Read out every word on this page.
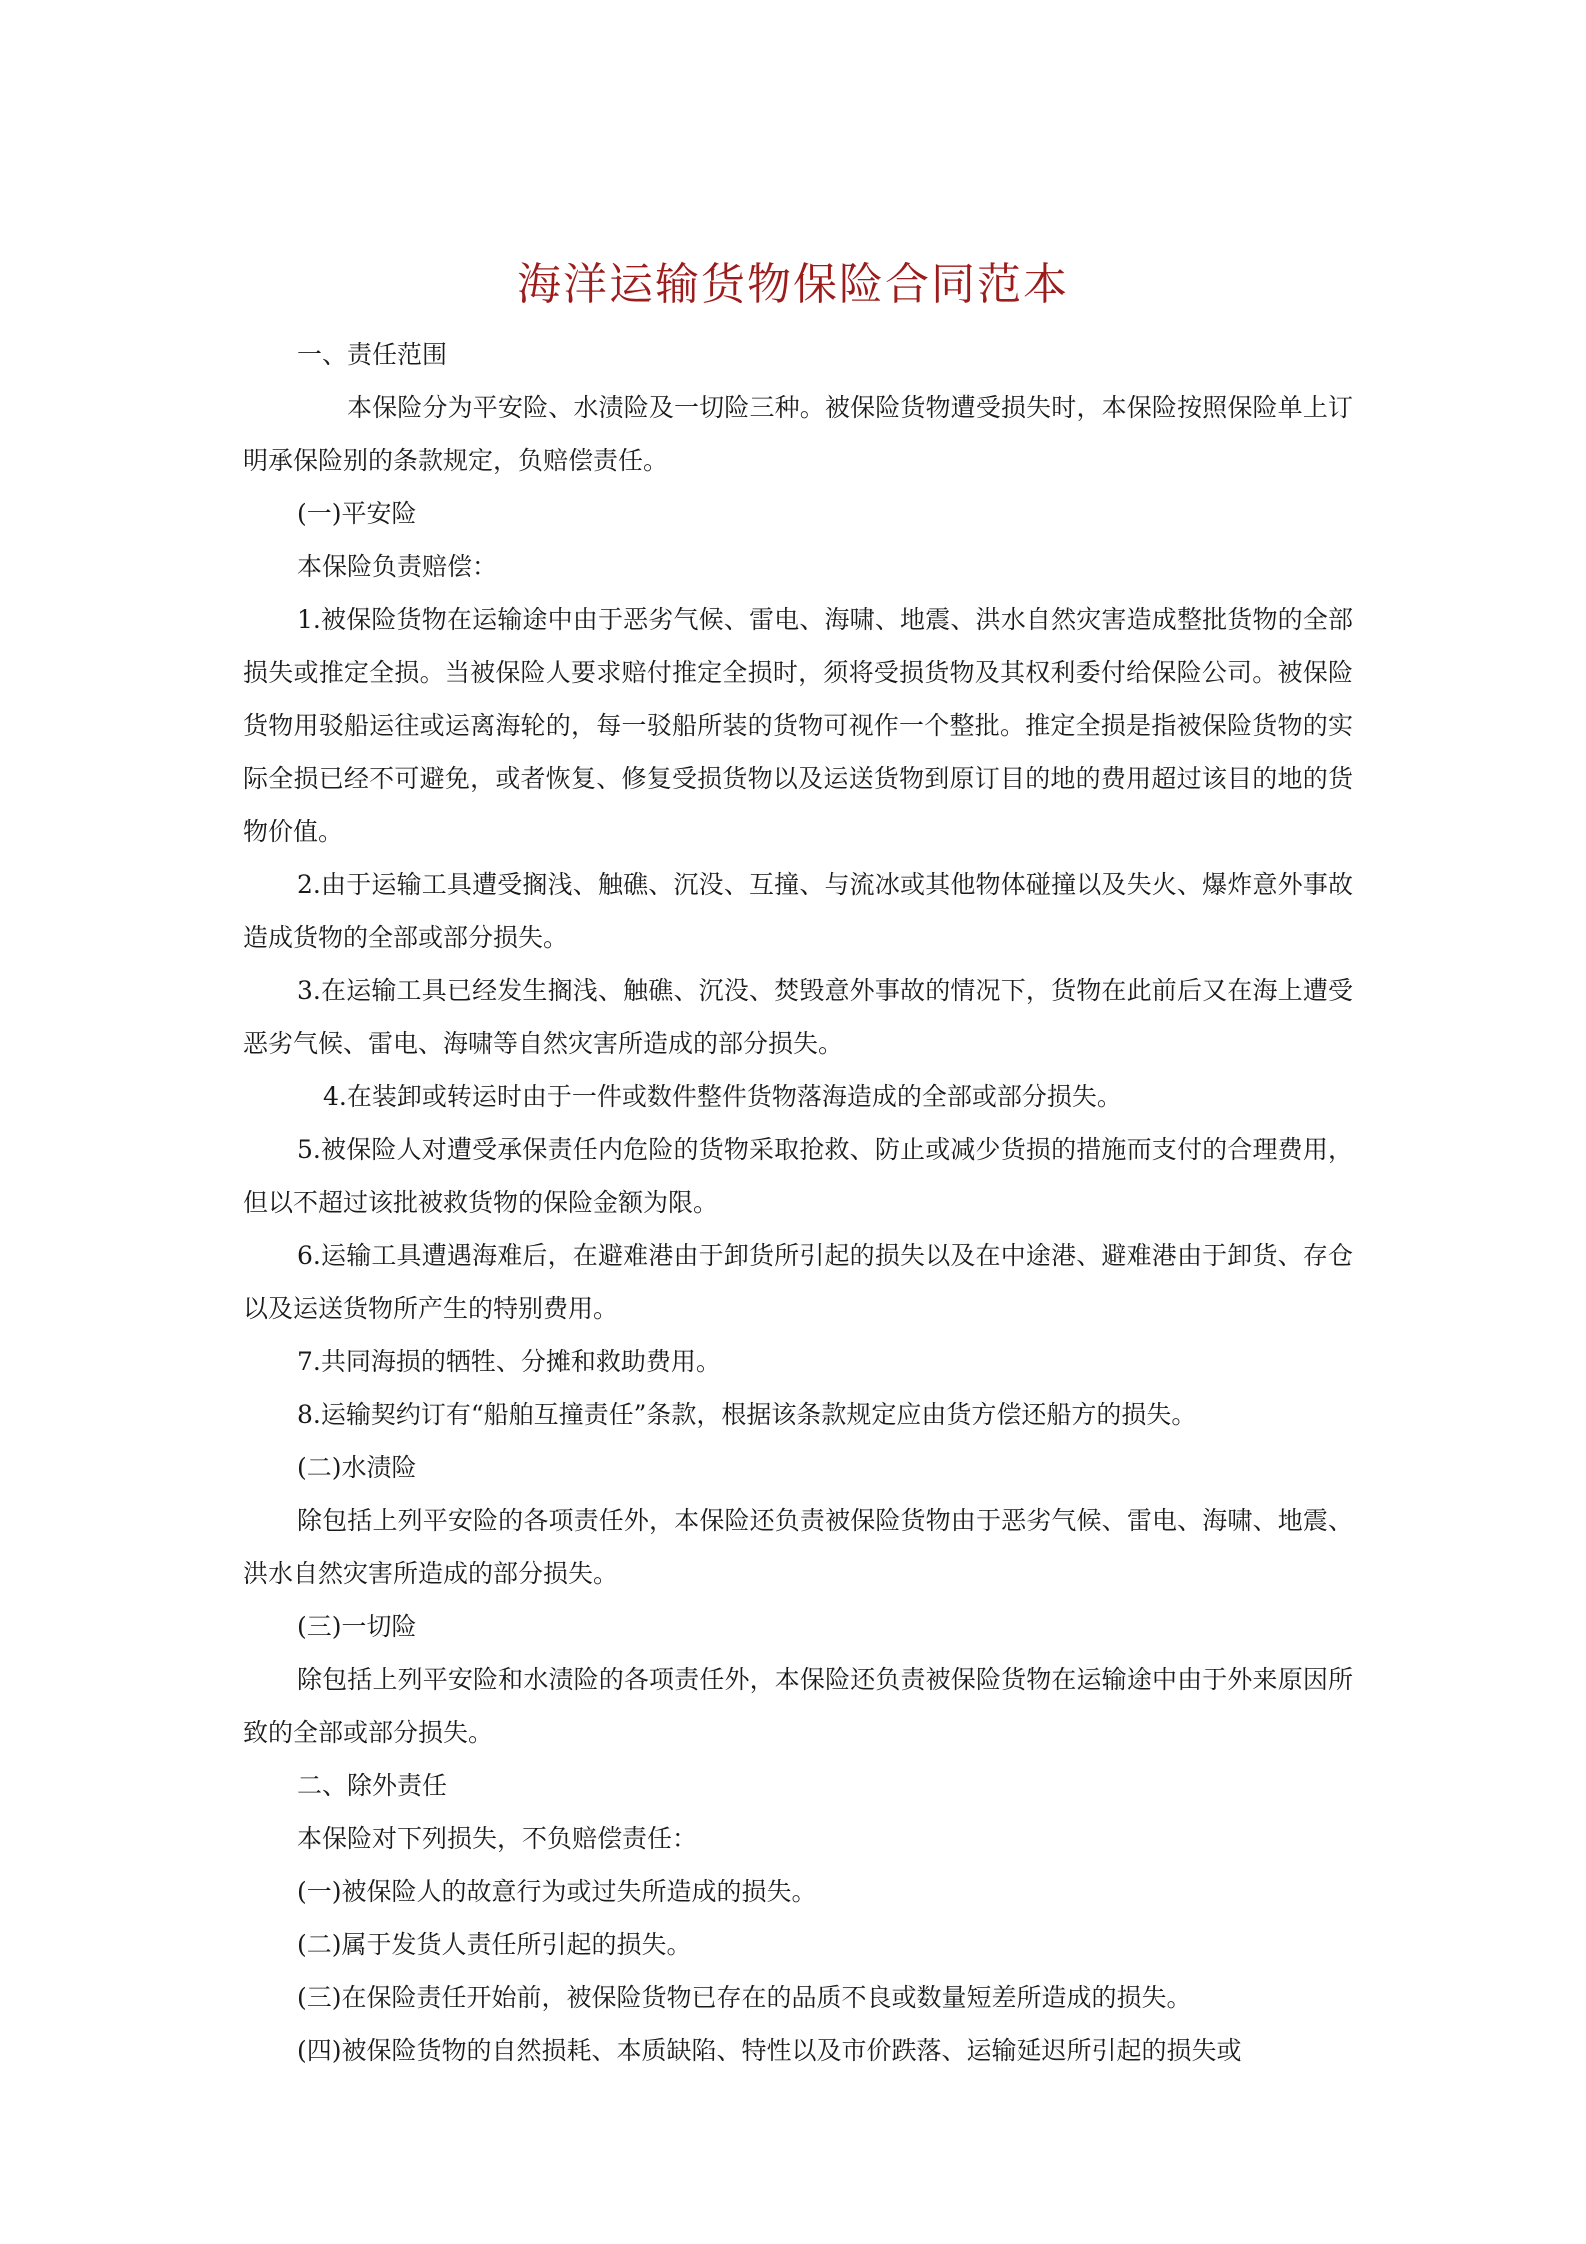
海洋运输货物保险合同范本

一、责任范围

本保险分为平安险、水渍险及一切险三种。被保险货物遭受损失时，本保险按照保险单上订明承保险别的条款规定，负赔偿责任。

(一)平安险

本保险负责赔偿：

1.被保险货物在运输途中由于恶劣气候、雷电、海啸、地震、洪水自然灾害造成整批货物的全部损失或推定全损。当被保险人要求赔付推定全损时，须将受损货物及其权利委付给保险公司。被保险货物用驳船运往或运离海轮的，每一驳船所装的货物可视作一个整批。推定全损是指被保险货物的实际全损已经不可避免，或者恢复、修复受损货物以及运送货物到原订目的地的费用超过该目的地的货物价值。

2.由于运输工具遭受搁浅、触礁、沉没、互撞、与流冰或其他物体碰撞以及失火、爆炸意外事故造成货物的全部或部分损失。

3.在运输工具已经发生搁浅、触礁、沉没、焚毁意外事故的情况下，货物在此前后又在海上遭受恶劣气候、雷电、海啸等自然灾害所造成的部分损失。

4.在装卸或转运时由于一件或数件整件货物落海造成的全部或部分损失。

5.被保险人对遭受承保责任内危险的货物采取抢救、防止或减少货损的措施而支付的合理费用，但以不超过该批被救货物的保险金额为限。

6.运输工具遭遇海难后，在避难港由于卸货所引起的损失以及在中途港、避难港由于卸货、存仓以及运送货物所产生的特别费用。

7.共同海损的牺牲、分摊和救助费用。

8.运输契约订有“船舶互撞责任”条款，根据该条款规定应由货方偿还船方的损失。

(二)水渍险

除包括上列平安险的各项责任外，本保险还负责被保险货物由于恶劣气候、雷电、海啸、地震、洪水自然灾害所造成的部分损失。

(三)一切险

除包括上列平安险和水渍险的各项责任外，本保险还负责被保险货物在运输途中由于外来原因所致的全部或部分损失。

二、除外责任

本保险对下列损失，不负赔偿责任：

(一)被保险人的故意行为或过失所造成的损失。

(二)属于发货人责任所引起的损失。

(三)在保险责任开始前，被保险货物已存在的品质不良或数量短差所造成的损失。

(四)被保险货物的自然损耗、本质缺陷、特性以及市价跌落、运输延迟所引起的损失或
